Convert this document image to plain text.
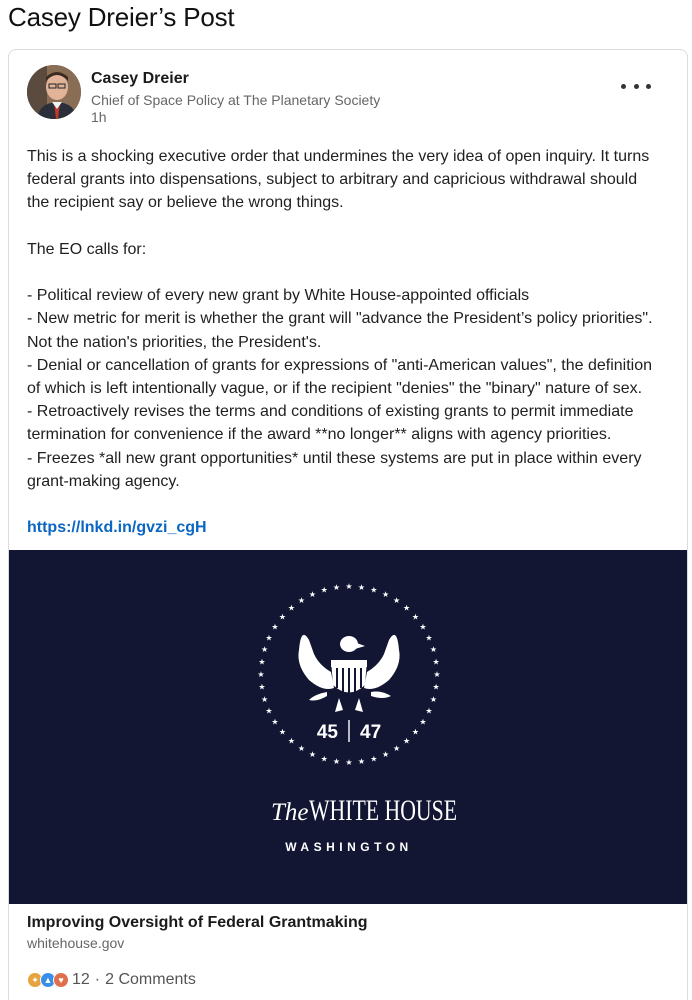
Casey Dreier’s Post
Casey Dreier
Chief of Space Policy at The Planetary Society
1h

This is a shocking executive order that undermines the very idea of open inquiry. It turns

federal grants into dispensations, subject to arbitrary and capricious withdrawal should

the recipient say or believe the wrong things.

The EO calls for:

- Political review of every new grant by White House-appointed officials

- New metric for merit is whether the grant will "advance the President’s policy priorities".

Not the nation's priorities, the President's.

- Denial or cancellation of grants for expressions of "anti-American values", the definition

of which is left intentionally vague, or if the recipient "denies" the "binary" nature of sex.

- Retroactively revises the terms and conditions of existing grants to permit immediate

termination for convenience if the award **no longer** aligns with agency priorities.

- Freezes *all new grant opportunities* until these systems are put in place within every

grant-making agency.

https://lnkd.in/gvzi_cgH

★
★
★
★
★
★
★
★
★
★
★
★
★
★
★
★
★
★
★
★
★
★
★
★
★
★
★
★
★
★
★ ★ ★ ★ ★ ★ ★
★
★
★
★
★
★
★
45 47
The WHITE HOUSE
WASHINGTON
Improving Oversight of Federal Grantmaking
whitehouse.gov
✦ ▲ ♥ 12 · 2 Comments
